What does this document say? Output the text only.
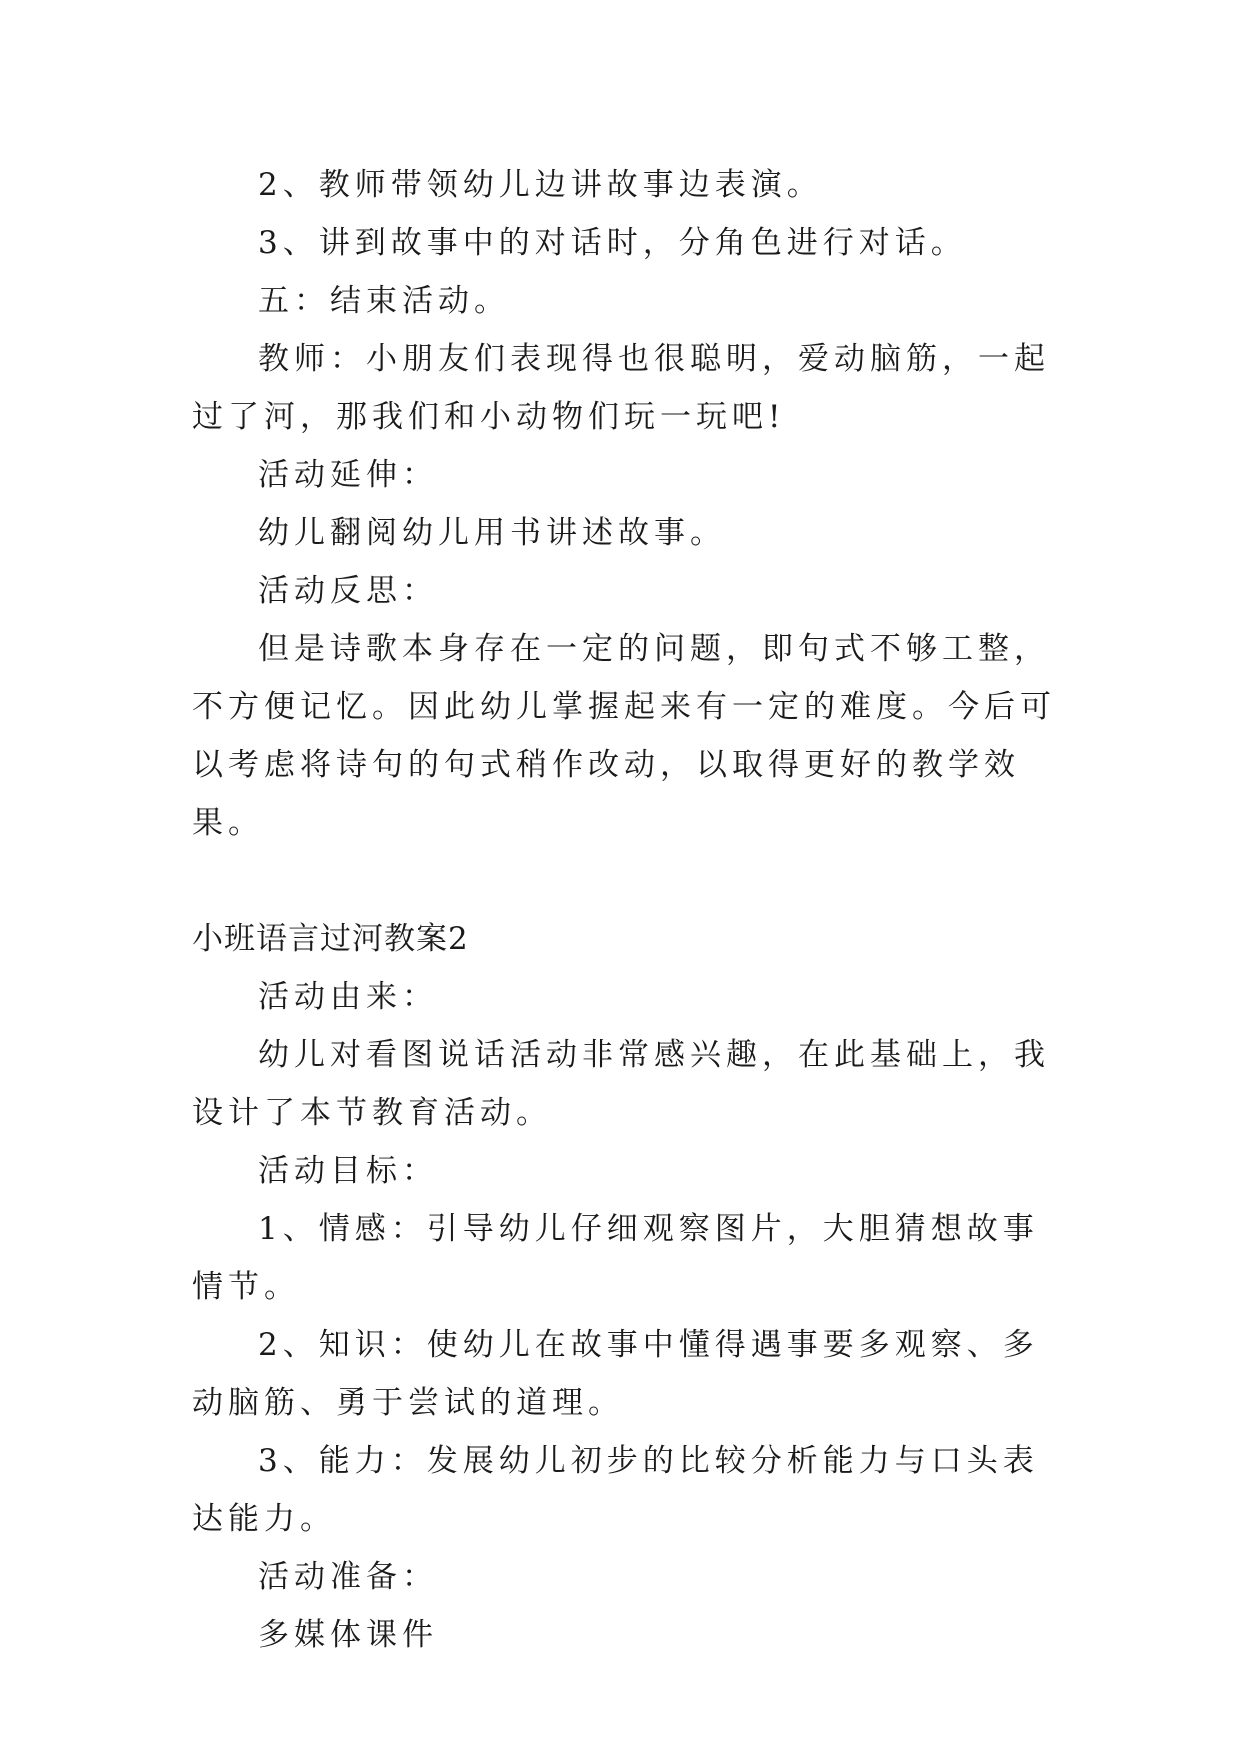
2、教师带领幼儿边讲故事边表演。

3、讲到故事中的对话时，分角色进行对话。

五：结束活动。

教师：小朋友们表现得也很聪明，爱动脑筋，一起过了河，那我们和小动物们玩一玩吧!

活动延伸：

幼儿翻阅幼儿用书讲述故事。

活动反思：

但是诗歌本身存在一定的问题，即句式不够工整，不方便记忆。因此幼儿掌握起来有一定的难度。今后可以考虑将诗句的句式稍作改动，以取得更好的教学效果。

小班语言过河教案2

活动由来：

幼儿对看图说话活动非常感兴趣，在此基础上，我设计了本节教育活动。

活动目标：

1、情感：引导幼儿仔细观察图片，大胆猜想故事情节。

2、知识：使幼儿在故事中懂得遇事要多观察、多动脑筋、勇于尝试的道理。

3、能力：发展幼儿初步的比较分析能力与口头表达能力。

活动准备：

多媒体课件
